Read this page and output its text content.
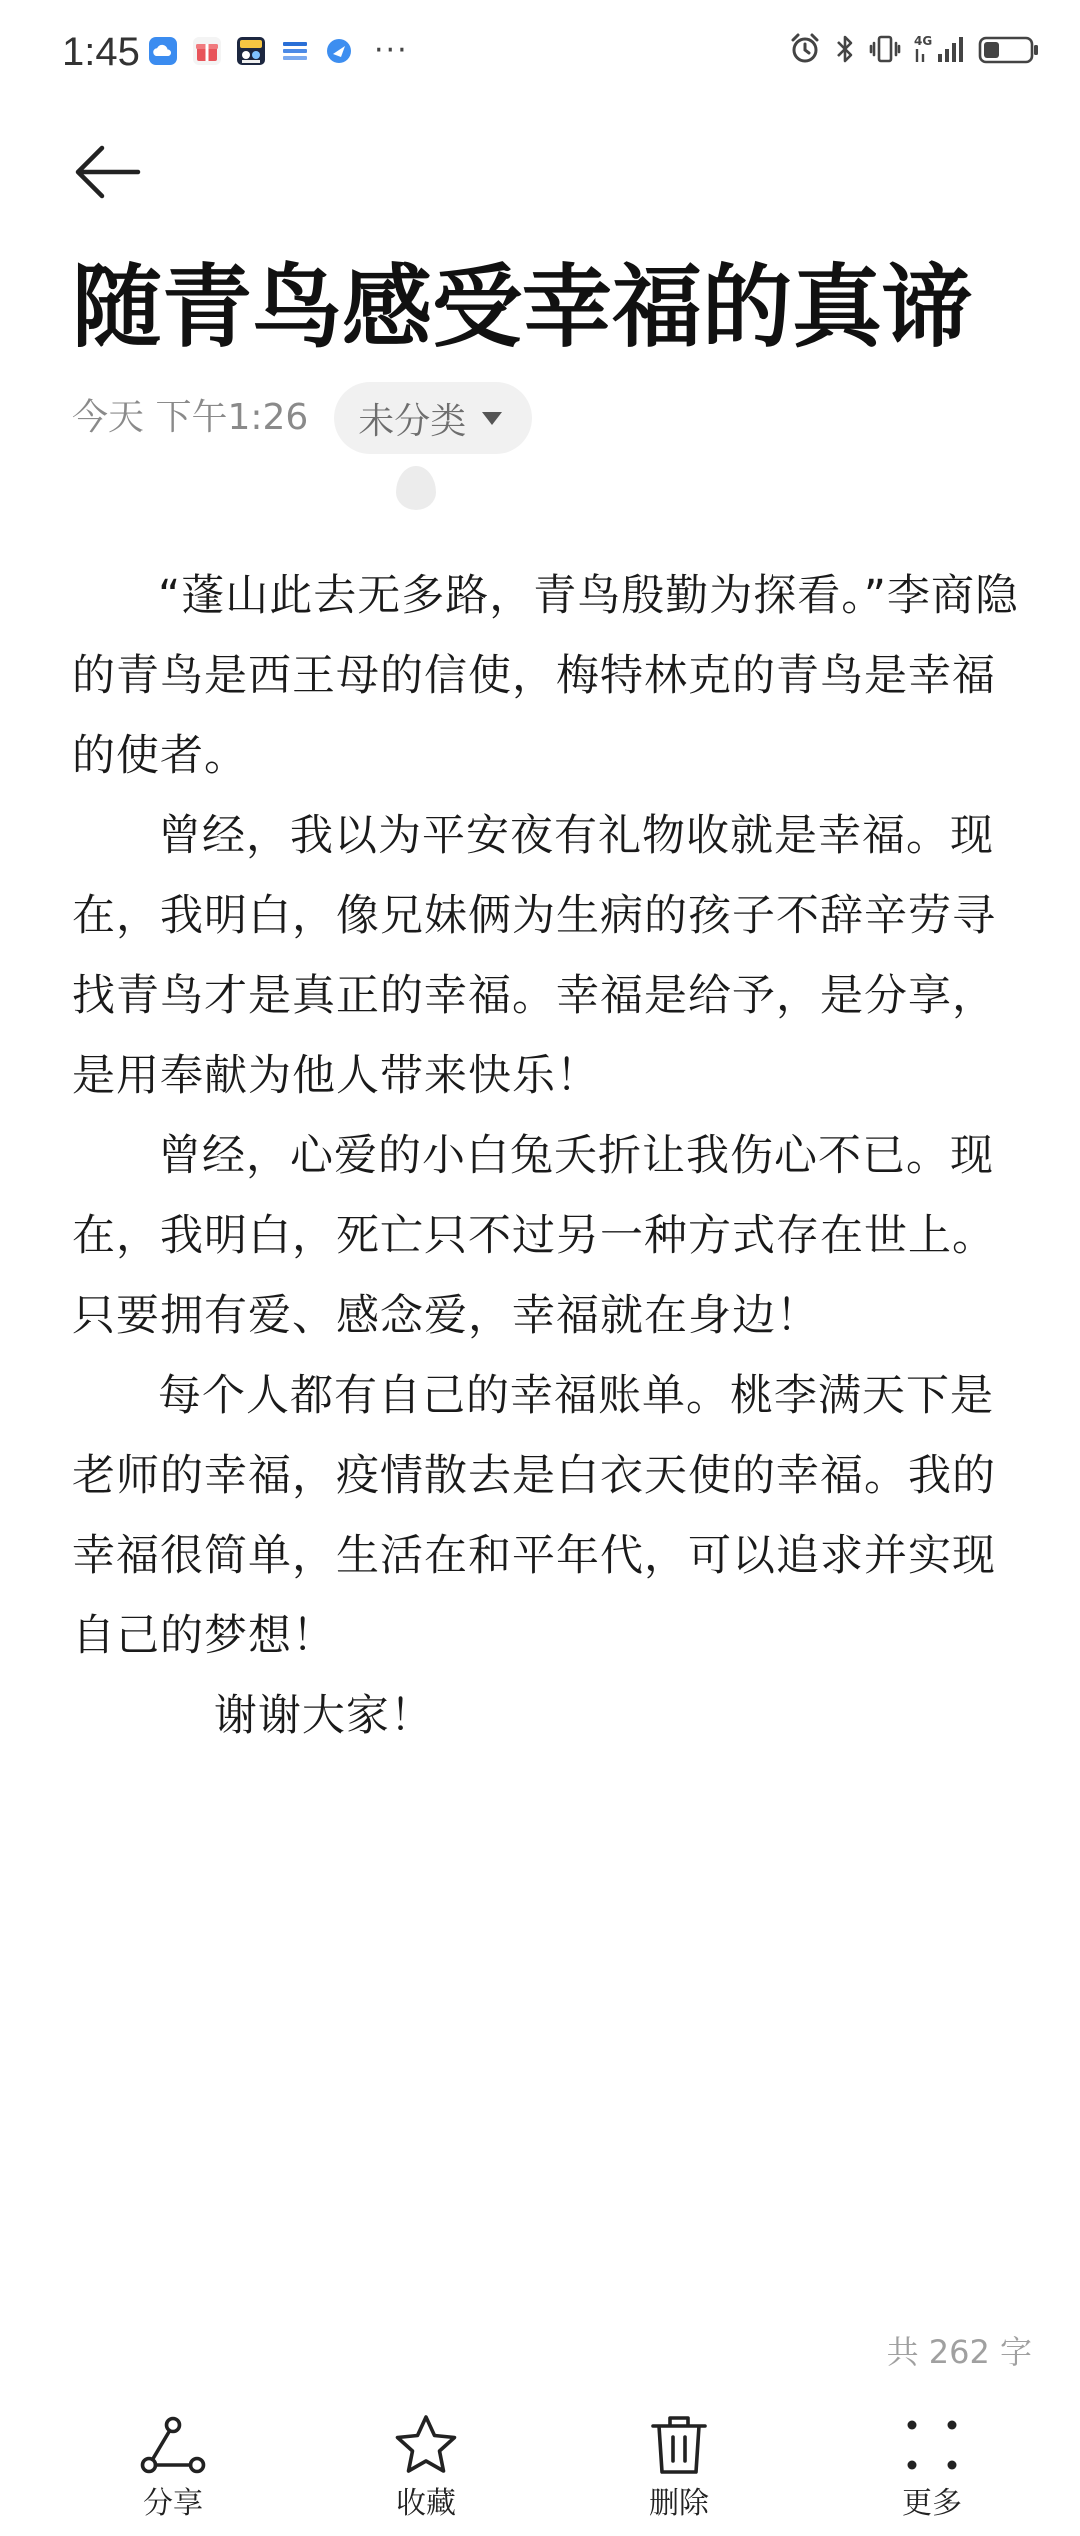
1:45	···	4G
随青鸟感受幸福的真谛
今天 下午1:26 未分类

“蓬山此去无多路，青鸟殷勤为探看。”李商隐的青鸟是西王母的信使，梅特林克的青鸟是幸福的使者。

曾经，我以为平安夜有礼物收就是幸福。现在，我明白，像兄妹俩为生病的孩子不辞辛劳寻找青鸟才是真正的幸福。幸福是给予，是分享，是用奉献为他人带来快乐！

曾经，心爱的小白兔夭折让我伤心不已。现在，我明白，死亡只不过另一种方式存在世上。只要拥有爱、感念爱，幸福就在身边！

每个人都有自己的幸福账单。桃李满天下是老师的幸福，疫情散去是白衣天使的幸福。我的幸福很简单，生活在和平年代，可以追求并实现自己的梦想！

谢谢大家！

共 262 字
分享	收藏	删除	更多
